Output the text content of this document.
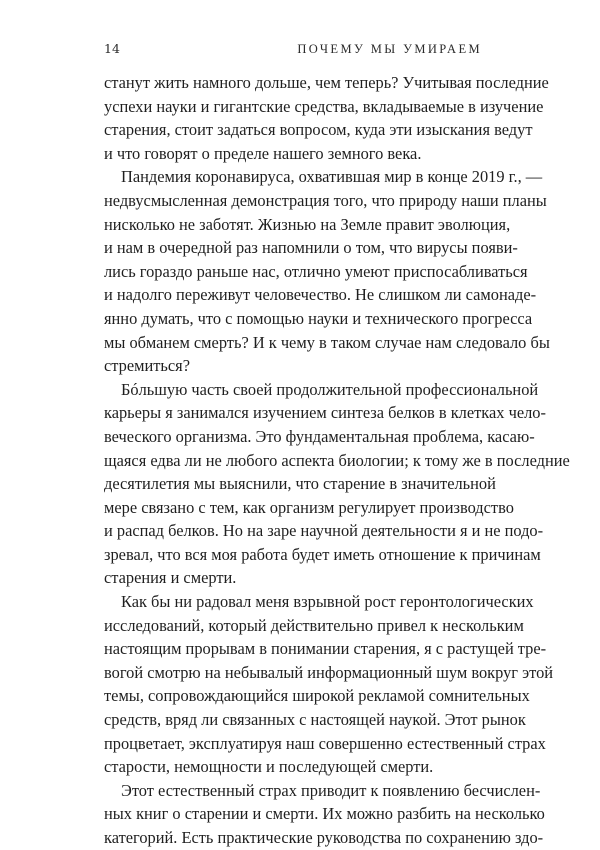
14	ПОЧЕМУ МЫ УМИРАЕМ
станут жить намного дольше, чем теперь? Учитывая последние
успехи науки и гигантские средства, вкладываемые в изучение
старения, стоит задаться вопросом, куда эти изыскания ведут
и что говорят о пределе нашего земного века.
Пандемия коронавируса, охватившая мир в конце 2019 г., —
недвусмысленная демонстрация того, что природу наши планы
нисколько не заботят. Жизнью на Земле правит эволюция,
и нам в очередной раз напомнили о том, что вирусы появи-
лись гораздо раньше нас, отлично умеют приспосабливаться
и надолго переживут человечество. Не слишком ли самонаде-
янно думать, что с помощью науки и технического прогресса
мы обманем смерть? И к чему в таком случае нам следовало бы
стремиться?
Бóльшую часть своей продолжительной профессиональной
карьеры я занимался изучением синтеза белков в клетках чело-
веческого организма. Это фундаментальная проблема, касаю-
щаяся едва ли не любого аспекта биологии; к тому же в последние
десятилетия мы выяснили, что старение в значительной
мере связано с тем, как организм регулирует производство
и распад белков. Но на заре научной деятельности я и не подо-
зревал, что вся моя работа будет иметь отношение к причинам
старения и смерти.
Как бы ни радовал меня взрывной рост геронтологических
исследований, который действительно привел к нескольким
настоящим прорывам в понимании старения, я с растущей тре-
вогой смотрю на небывалый информационный шум вокруг этой
темы, сопровождающийся широкой рекламой сомнительных
средств, вряд ли связанных с настоящей наукой. Этот рынок
процветает, эксплуатируя наш совершенно естественный страх
старости, немощности и последующей смерти.
Этот естественный страх приводит к появлению бесчислен-
ных книг о старении и смерти. Их можно разбить на несколько
категорий. Есть практические руководства по сохранению здо-
